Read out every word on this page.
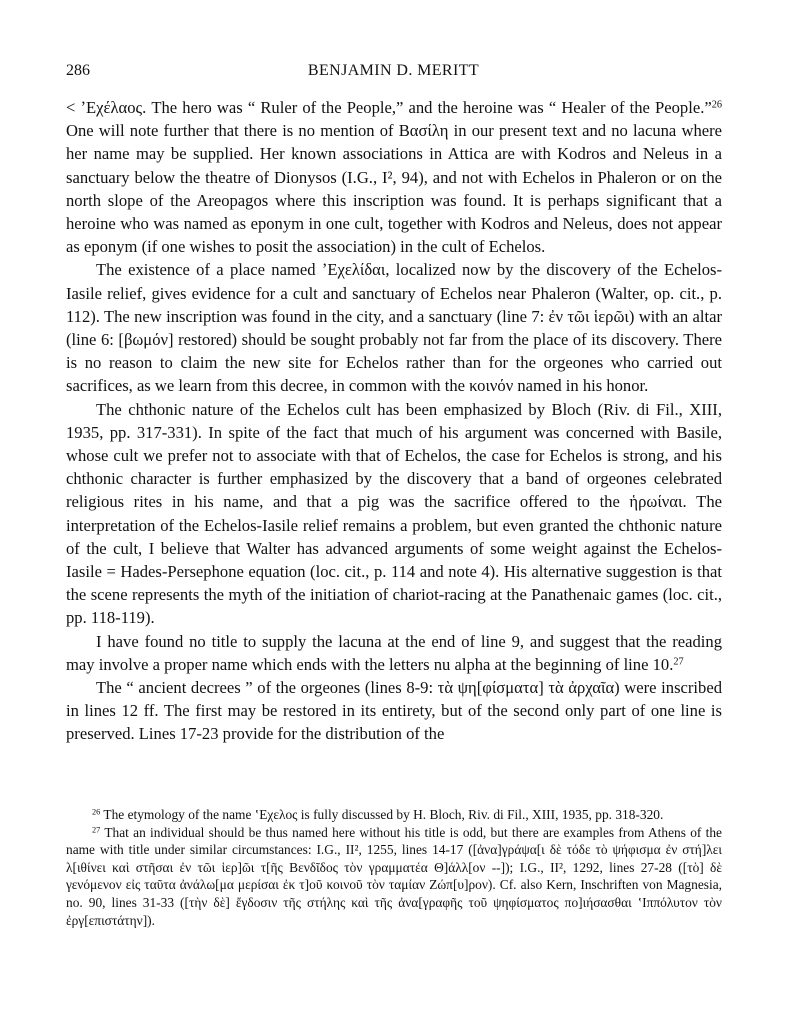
286	BENJAMIN D. MERITT

< ʼΕχέλαος. The hero was “ Ruler of the People,” and the heroine was “ Healer of the People.”$^{26}$ One will note further that there is no mention of Βασίλη in our present text and no lacuna where her name may be supplied. Her known associations in Attica are with Kodros and Neleus in a sanctuary below the theatre of Dionysos (I.G., I², 94), and not with Echelos in Phaleron or on the north slope of the Areopagos where this inscription was found. It is perhaps significant that a heroine who was named as eponym in one cult, together with Kodros and Neleus, does not appear as eponym (if one wishes to posit the association) in the cult of Echelos.

The existence of a place named ʼΕχελίδαι, localized now by the discovery of the Echelos-Iasile relief, gives evidence for a cult and sanctuary of Echelos near Phaleron (Walter, op. cit., p. 112). The new inscription was found in the city, and a sanctuary (line 7: ἐν τῶι ἱερῶι) with an altar (line 6: [βωμόν] restored) should be sought probably not far from the place of its discovery. There is no reason to claim the new site for Echelos rather than for the orgeones who carried out sacrifices, as we learn from this decree, in common with the κοινόν named in his honor.

The chthonic nature of the Echelos cult has been emphasized by Bloch (Riv. di Fil., XIII, 1935, pp. 317-331). In spite of the fact that much of his argument was concerned with Basile, whose cult we prefer not to associate with that of Echelos, the case for Echelos is strong, and his chthonic character is further emphasized by the discovery that a band of orgeones celebrated religious rites in his name, and that a pig was the sacrifice offered to the ἡρωίναι. The interpretation of the Echelos-Iasile relief remains a problem, but even granted the chthonic nature of the cult, I believe that Walter has advanced arguments of some weight against the Echelos-Iasile = Hades-Persephone equation (loc. cit., p. 114 and note 4). His alternative suggestion is that the scene represents the myth of the initiation of chariot-racing at the Panathenaic games (loc. cit., pp. 118-119).

I have found no title to supply the lacuna at the end of line 9, and suggest that the reading may involve a proper name which ends with the letters nu alpha at the beginning of line 10.27

The “ ancient decrees ” of the orgeones (lines 8-9: τὰ ψη[φίσματα] τὰ ἀρχαῖα) were inscribed in lines 12 ff. The first may be restored in its entirety, but of the second only part of one line is preserved. Lines 17-23 provide for the distribution of the

$^{26}$ The etymology of the name ʽΕχελος is fully discussed by H. Bloch, Riv. di Fil., XIII, 1935, pp. 318-320.

$^{27}$ That an individual should be thus named here without his title is odd, but there are examples from Athens of the name with title under similar circumstances: I.G., II², 1255, lines 14-17 ([ἀνα]γράψα[ι δὲ τόδε τὸ ψήφισμα ἐν στή]λει λ[ιθίνει καὶ στῆσαι ἐν τῶι ἱερ]ῶι τ[ῆς Βενδῖδος τὸν γραμματέα Θ]άλλ[ον --]); I.G., II², 1292, lines 27-28 ([τὸ] δὲ γενόμενον εἰς ταῦτα ἀνάλω[μα μερίσαι ἐκ τ]οῦ κοινοῦ τὸν ταμίαν Ζώπ[υ]ρον). Cf. also Kern, Inschriften von Magnesia, no. 90, lines 31-33 ([τὴν δὲ] ἔγδοσιν τῆς στήλης καὶ τῆς ἀνα[γραφῆς τοῦ ψηφίσματος πο]ιήσασθαι ʽΙππόλυτον τὸν ἐργ[επιστάτην]).
